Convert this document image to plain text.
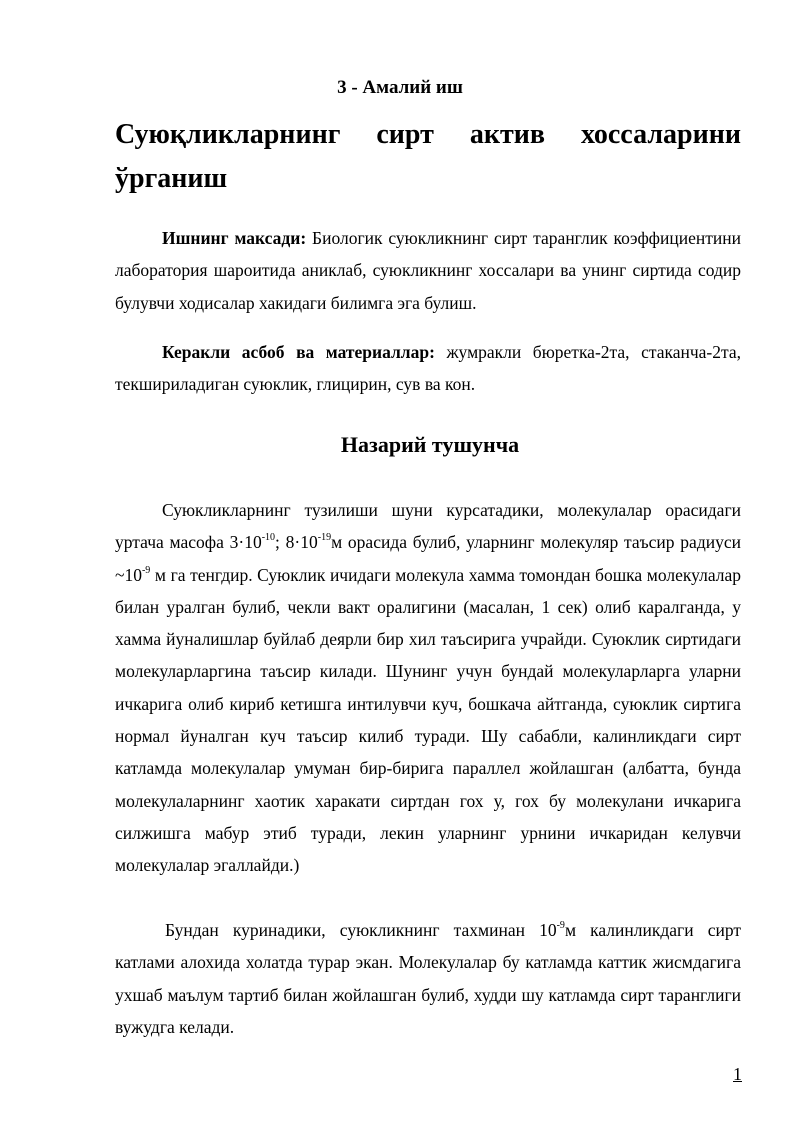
3 - Амалий иш
Суюқликларнинг сирт актив хоссаларини ўрганиш

Ишнинг максади: Биологик суюкликнинг сирт таранглик коэффициентини лаборатория шароитида аниклаб, суюкликнинг хоссалари ва унинг сиртида содир булувчи ходисалар хакидаги билимга эга булиш.

Керакли асбоб ва материаллар: жумракли бюретка-2та, стаканча-2та, текшириладиган суюклик, глицирин, сув ва кон.

Назарий тушунча

Суюкликларнинг тузилиши шуни курсатадики, молекулалар орасидаги уртача масофа $3\cdot 10^{-10}$; $8\cdot 10^{-19}м$ орасида булиб, уларнинг молекуляр таъсир радиуси $\sim 10^{-9}$ м га тенгдир. Суюклик ичидаги молекула хамма томондан бошка молекулалар билан уралган булиб, чекли вакт оралигини (масалан, 1 сек) олиб каралганда, у хамма йуналишлар буйлаб деярли бир хил таъсирига учрайди. Суюклик сиртидаги молекуларларгина таъсир килади. Шунинг учун бундай молекуларларга уларни ичкарига олиб кириб кетишга интилувчи куч, бошкача айтганда, суюклик сиртига нормал йуналган куч таъсир килиб туради. Шу сабабли, калинликдаги сирт катламда молекулалар умуман бир-бирига параллел жойлашган (албатта, бунда молекулаларнинг хаотик харакати сиртдан гох у, гох бу молекулани ичкарига силжишга мабур этиб туради, лекин уларнинг урнини ичкаридан келувчи молекулалар эгаллайди.)

Бундан куринадики, суюкликнинг тахминан $10^{-9}м$ калинликдаги сирт катлами алохида холатда турар экан. Молекулалар бу катламда каттик жисмдагига ухшаб маълум тартиб билан жойлашган булиб, худди шу катламда сирт таранглиги вужудга келади.

1
